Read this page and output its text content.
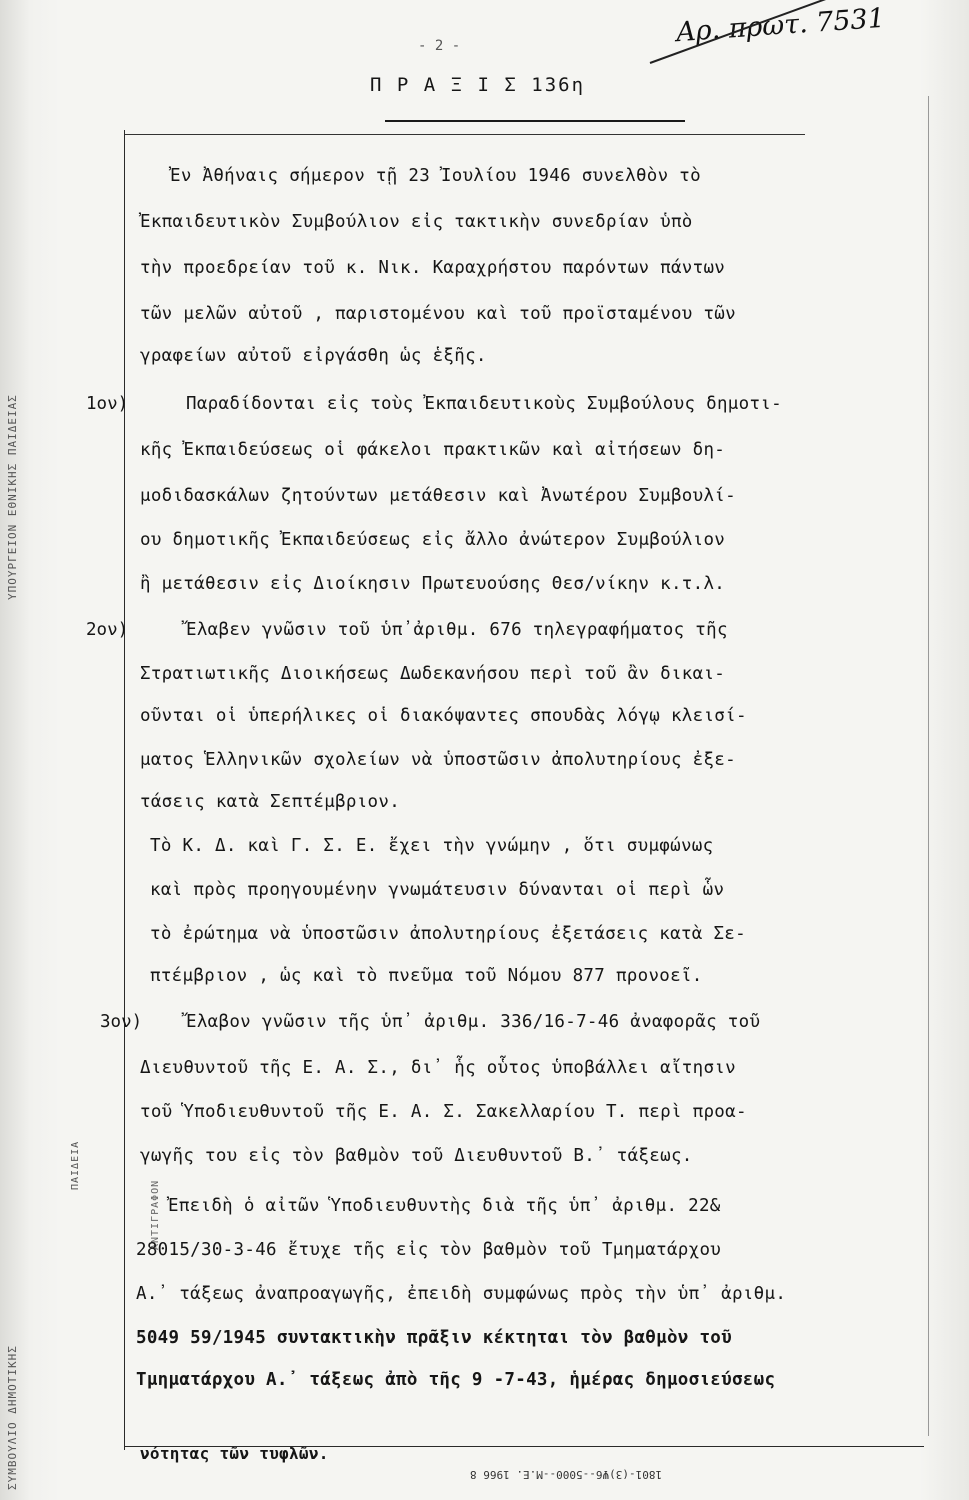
ΥΠΟΥΡΓΕΙΟΝ ΕΘΝΙΚΗΣ ΠΑΙΔΕΙΑΣ
ΣΥΜΒΟΥΛΙΟ ΔΗΜΟΤΙΚΗΣ
ΠΑΙΔΕΙΑ
ΑΝΤΙΓΡΑΦΟΝ
Αρ. πρωτ. 7531
- 2 -
Π Ρ Α Ξ Ι Σ 136η
Ἐν Ἀθήναις σήμερον τῇ 23 Ἰουλίου 1946 συνελθὸν τὸ
Ἐκπαιδευτικὸν Συμβούλιον εἰς τακτικὴν συνεδρίαν ὑπὸ
τὴν προεδρείαν τοῦ κ. Νικ. Καραχρήστου παρόντων πάντων
τῶν μελῶν αὐτοῦ , παριστομένου καὶ τοῦ προϊσταμένου τῶν
γραφείων αὐτοῦ εἰργάσθη ὡς ἑξῆς.
1ον)	Παραδίδονται εἰς τοὺς Ἐκπαιδευτικοὺς Συμβούλους δημοτι-
κῆς Ἐκπαιδεύσεως οἱ φάκελοι πρακτικῶν καὶ αἰτήσεων δη-
μοδιδασκάλων ζητούντων μετάθεσιν καὶ Ἀνωτέρου Συμβουλί-
ου δημοτικῆς Ἐκπαιδεύσεως εἰς ἄλλο ἀνώτερον Συμβούλιον
ἢ μετάθεσιν εἰς Διοίκησιν Πρωτευούσης Θεσ/νίκην κ.τ.λ.
2ον)	Ἔλαβεν γνῶσιν τοῦ ὑπ᾽ἀριθμ. 676 τηλεγραφήματος τῆς
Στρατιωτικῆς Διοικήσεως Δωδεκανήσου περὶ τοῦ ἂν δικαι-
οῦνται οἱ ὑπερήλικες οἱ διακόψαντες σπουδὰς λόγῳ κλεισί-
ματος Ἑλληνικῶν σχολείων νὰ ὑποστῶσιν ἀπολυτηρίους ἐξε-
τάσεις κατὰ Σεπτέμβριον.
Τὸ Κ. Δ. καὶ Γ. Σ. Ε. ἔχει τὴν γνώμην , ὅτι συμφώνως
καὶ πρὸς προηγουμένην γνωμάτευσιν δύνανται οἱ περὶ ὧν
τὸ ἐρώτημα νὰ ὑποστῶσιν ἀπολυτηρίους ἐξετάσεις κατὰ Σε-
πτέμβριον , ὡς καὶ τὸ πνεῦμα τοῦ Νόμου 877 προνοεῖ.
3ον)	Ἔλαβον γνῶσιν τῆς ὑπ᾽ ἀριθμ. 336/16-7-46 ἀναφορᾶς τοῦ
Διευθυντοῦ τῆς Ε. Α. Σ., δι᾽ ἧς οὗτος ὑποβάλλει αἴτησιν
τοῦ Ὑποδιευθυντοῦ τῆς Ε. Α. Σ. Σακελλαρίου Τ. περὶ προα-
γωγῆς του εἰς τὸν βαθμὸν τοῦ Διευθυντοῦ Β.᾽ τάξεως.
Ἐπειδὴ ὁ αἰτῶν Ὑποδιευθυντὴς διὰ τῆς ὑπ᾽ ἀριθμ. 22&
28015/30-3-46 ἔτυχε τῆς εἰς τὸν βαθμὸν τοῦ Τμηματάρχου
Α.᾽ τάξεως ἀναπροαγωγῆς, ἐπειδὴ συμφώνως πρὸς τὴν ὑπ᾽ ἀριθμ.
5049 59/1945 συντακτικὴν πρᾶξιν κέκτηται τὸν βαθμὸν τοῦ
Τμηματάρχου Α.᾽ τάξεως ἀπὸ τῆς 9 -7-43, ἡμέρας δημοσιεύσεως
νότητας τῶν τυφλῶν.
1801-(3)Ψ6--5000--Μ.Ε. 1966 8
